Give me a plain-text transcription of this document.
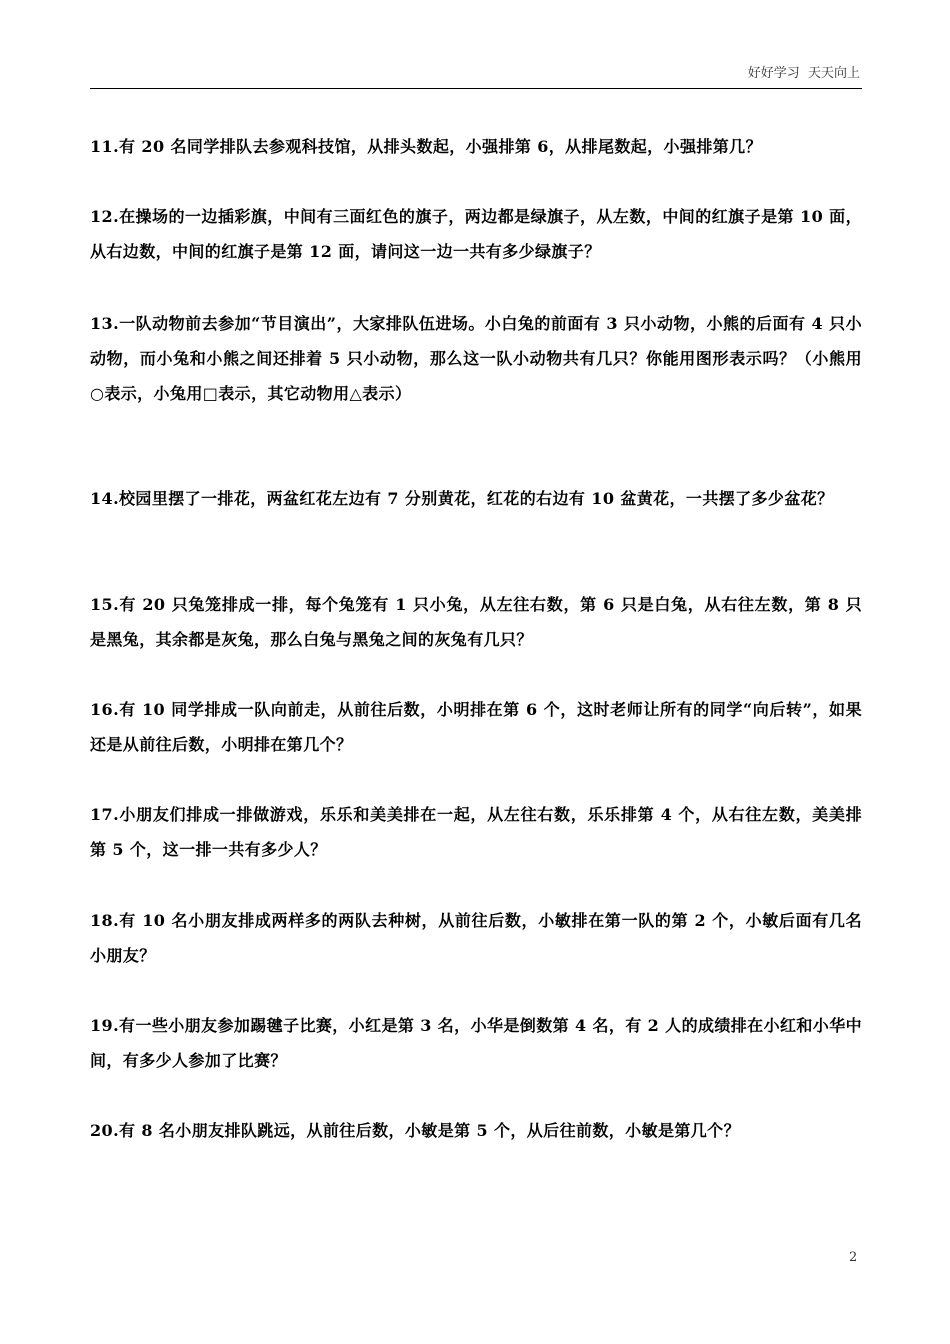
好好学习  天天向上
11.有 20 名同学排队去参观科技馆，从排头数起，小强排第 6，从排尾数起，小强排第几？
12.在操场的一边插彩旗，中间有三面红色的旗子，两边都是绿旗子，从左数，中间的红旗子是第 10 面，从右边数，中间的红旗子是第 12 面，请问这一边一共有多少绿旗子？
13.一队动物前去参加“节目演出”，大家排队伍进场。小白兔的前面有 3 只小动物，小熊的后面有 4 只小动物，而小兔和小熊之间还排着 5 只小动物，那么这一队小动物共有几只？你能用图形表示吗？（小熊用○表示，小兔用□表示，其它动物用△表示）
14.校园里摆了一排花，两盆红花左边有 7 分别黄花，红花的右边有 10 盆黄花，一共摆了多少盆花？
15.有 20 只兔笼排成一排，每个兔笼有 1 只小兔，从左往右数，第 6 只是白兔，从右往左数，第 8 只是黑兔，其余都是灰兔，那么白兔与黑兔之间的灰兔有几只？
16.有 10 同学排成一队向前走，从前往后数，小明排在第 6 个，这时老师让所有的同学“向后转”，如果还是从前往后数，小明排在第几个？
17.小朋友们排成一排做游戏，乐乐和美美排在一起，从左往右数，乐乐排第 4 个，从右往左数，美美排第 5 个，这一排一共有多少人？
18.有 10 名小朋友排成两样多的两队去种树，从前往后数，小敏排在第一队的第 2 个，小敏后面有几名小朋友？
19.有一些小朋友参加踢毽子比赛，小红是第 3 名，小华是倒数第 4 名，有 2 人的成绩排在小红和小华中间，有多少人参加了比赛？
20.有 8 名小朋友排队跳远，从前往后数，小敏是第 5 个，从后往前数，小敏是第几个？
2
